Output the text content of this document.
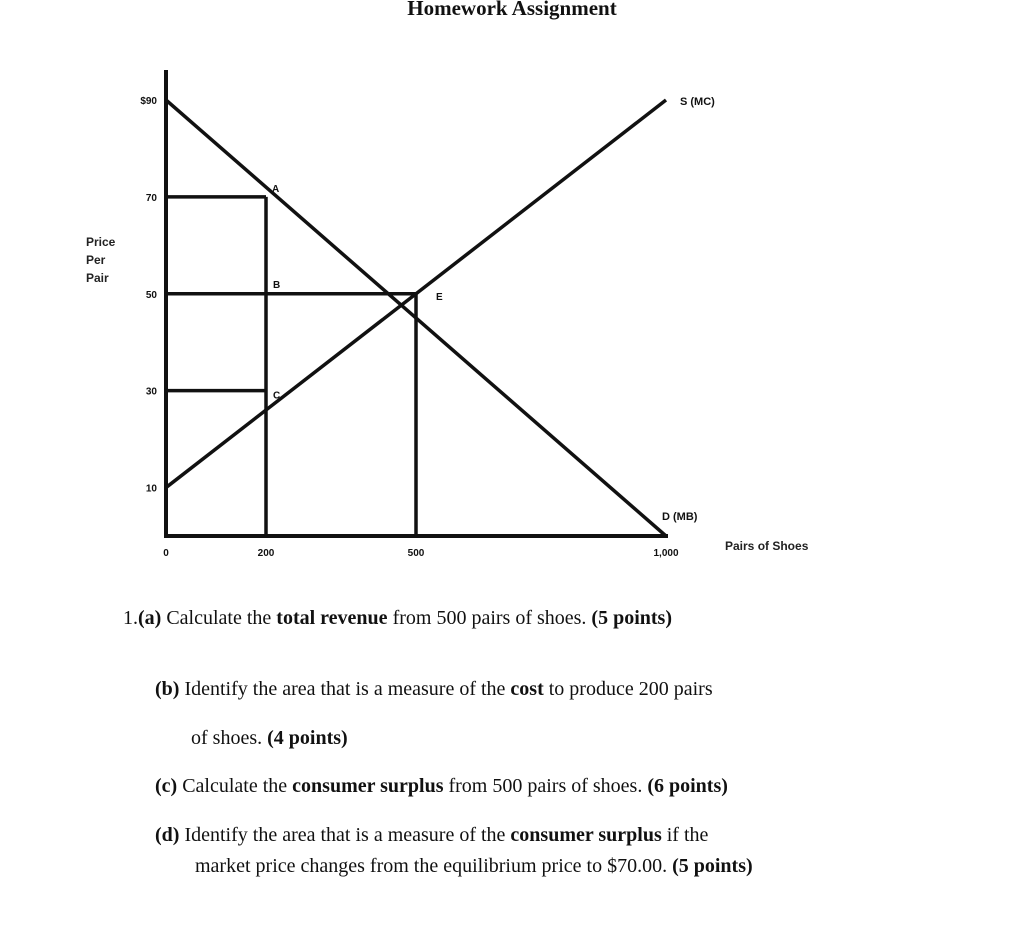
Homework Assignment
$90
70
50
30
10
0	200	500	1,000
Price
Per
Pair
Pairs of Shoes
S (MC)
D (MB)
A
B
C
E
1.(a) Calculate the total revenue from 500 pairs of shoes. (5 points)
(b) Identify the area that is a measure of the cost to produce 200 pairs
of shoes. (4 points)
(c) Calculate the consumer surplus from 500 pairs of shoes. (6 points)
(d) Identify the area that is a measure of the consumer surplus if the
market price changes from the equilibrium price to $70.00. (5 points)
